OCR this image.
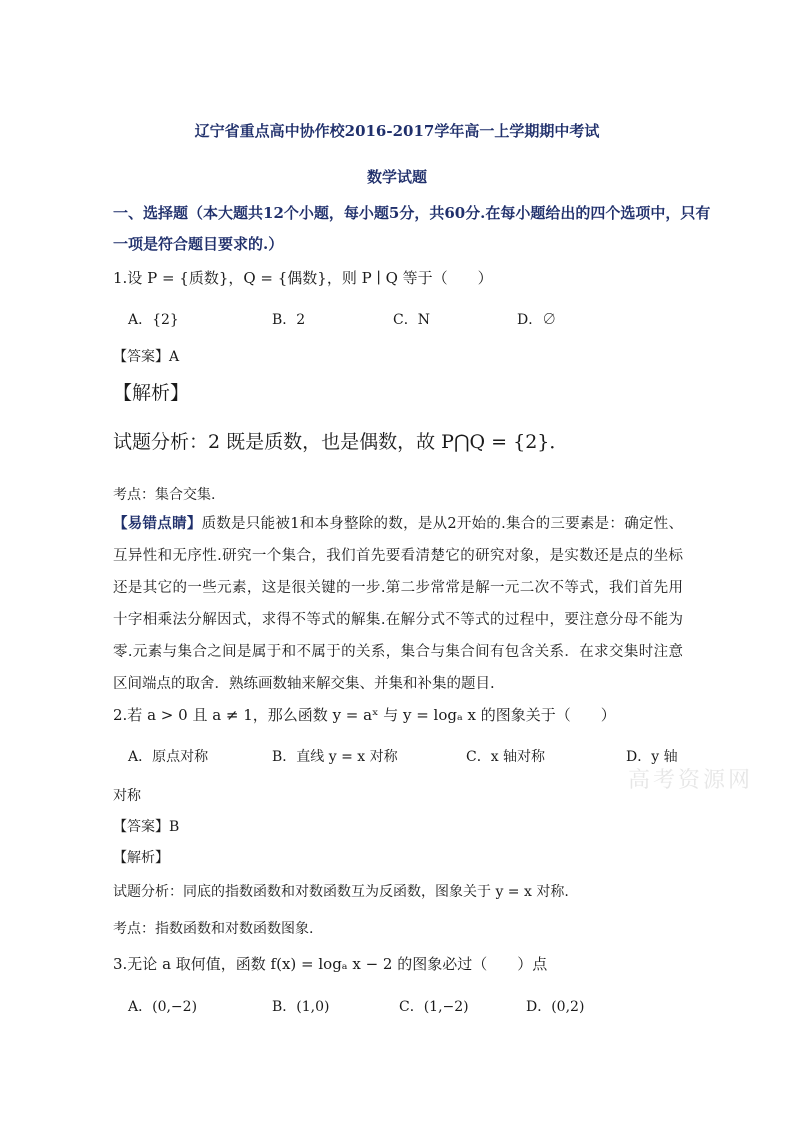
辽宁省重点高中协作校2016-2017学年高一上学期期中考试
数学试题
一、选择题（本大题共12个小题，每小题5分，共60分.在每小题给出的四个选项中，只有
一项是符合题目要求的.）
1.设 P = {质数}，Q = {偶数}，则 P ∣ Q 等于（　　）
A．{2}	B．2	C．N	D．∅
【答案】A
【解析】
试题分析：2 既是质数，也是偶数，故 P⋂Q = {2}．
考点：集合交集.
【易错点睛】质数是只能被1和本身整除的数，是从2开始的.集合的三要素是：确定性、互异性和无序性.研究一个集合，我们首先要看清楚它的研究对象，是实数还是点的坐标还是其它的一些元素，这是很关键的一步.第二步常常是解一元二次不等式，我们首先用十字相乘法分解因式，求得不等式的解集.在解分式不等式的过程中，要注意分母不能为零.元素与集合之间是属于和不属于的关系，集合与集合间有包含关系．在求交集时注意区间端点的取舍．熟练画数轴来解交集、并集和补集的题目.
2.若 a > 0 且 a ≠ 1，那么函数 y = aˣ 与 y = logₐ x 的图象关于（　　）
A．原点对称	B．直线 y = x 对称	C．x 轴对称	D．y 轴
对称
高考资源网
【答案】B
【解析】
试题分析：同底的指数函数和对数函数互为反函数，图象关于 y = x 对称.
考点：指数函数和对数函数图象.
3.无论 a 取何值，函数 f(x) = logₐ x − 2 的图象必过（　　）点
A．(0,−2)	B．(1,0)	C．(1,−2)	D．(0,2)
